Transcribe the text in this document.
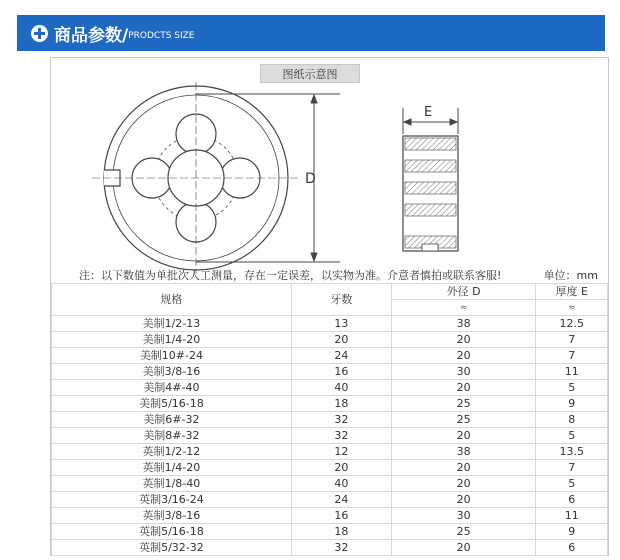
商品参数/ PRODCTS SIZE
图纸示意图
D
E
注：以下数值为单批次人工测量，存在一定误差，以实物为准。介意者慎拍或联系客服!	单位：mm
规格	牙数	外径 D	厚度 E
		≈	≈
美制1/2-13	13	38	12.5
美制1/4-20	20	20	7
美制10#-24	24	20	7
美制3/8-16	16	30	11
美制4#-40	40	20	5
美制5/16-18	18	25	9
美制6#-32	32	25	8
美制8#-32	32	20	5
英制1/2-12	12	38	13.5
英制1/4-20	20	20	7
英制1/8-40	40	20	5
英制3/16-24	24	20	6
英制3/8-16	16	30	11
英制5/16-18	18	25	9
英制5/32-32	32	20	6
